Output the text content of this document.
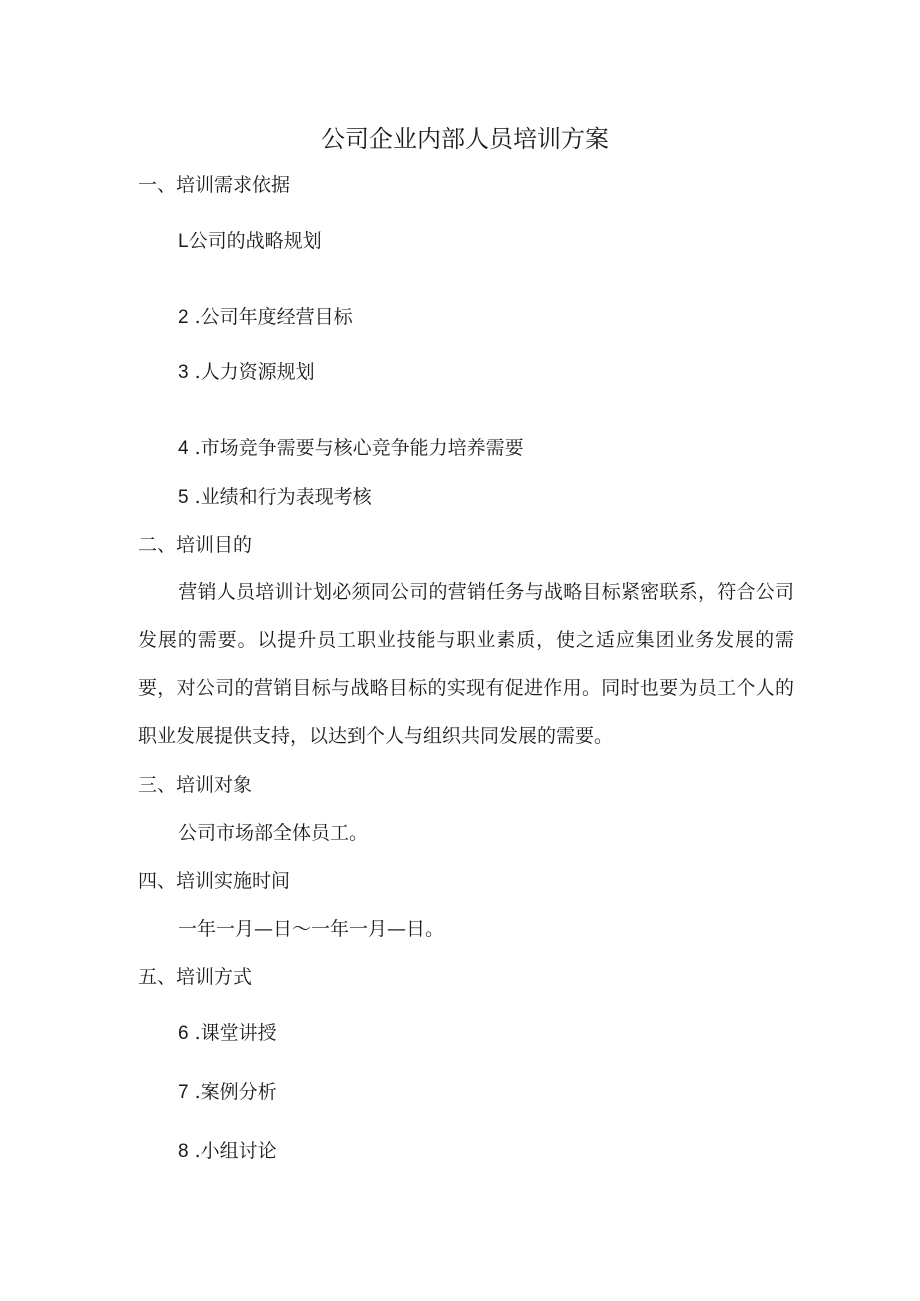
公司企业内部人员培训方案
一、培训需求依据
L公司的战略规划
2 .公司年度经营目标
3 .人力资源规划
4 .市场竞争需要与核心竞争能力培养需要
5 .业绩和行为表现考核
二、培训目的
营销人员培训计划必须同公司的营销任务与战略目标紧密联系，符合公司发展的需要。以提升员工职业技能与职业素质，使之适应集团业务发展的需要，对公司的营销目标与战略目标的实现有促进作用。同时也要为员工个人的职业发展提供支持，以达到个人与组织共同发展的需要。
三、培训对象
公司市场部全体员工。
四、培训实施时间
一年一月—日～一年一月—日。
五、培训方式
6 .课堂讲授
7 .案例分析
8 .小组讨论
